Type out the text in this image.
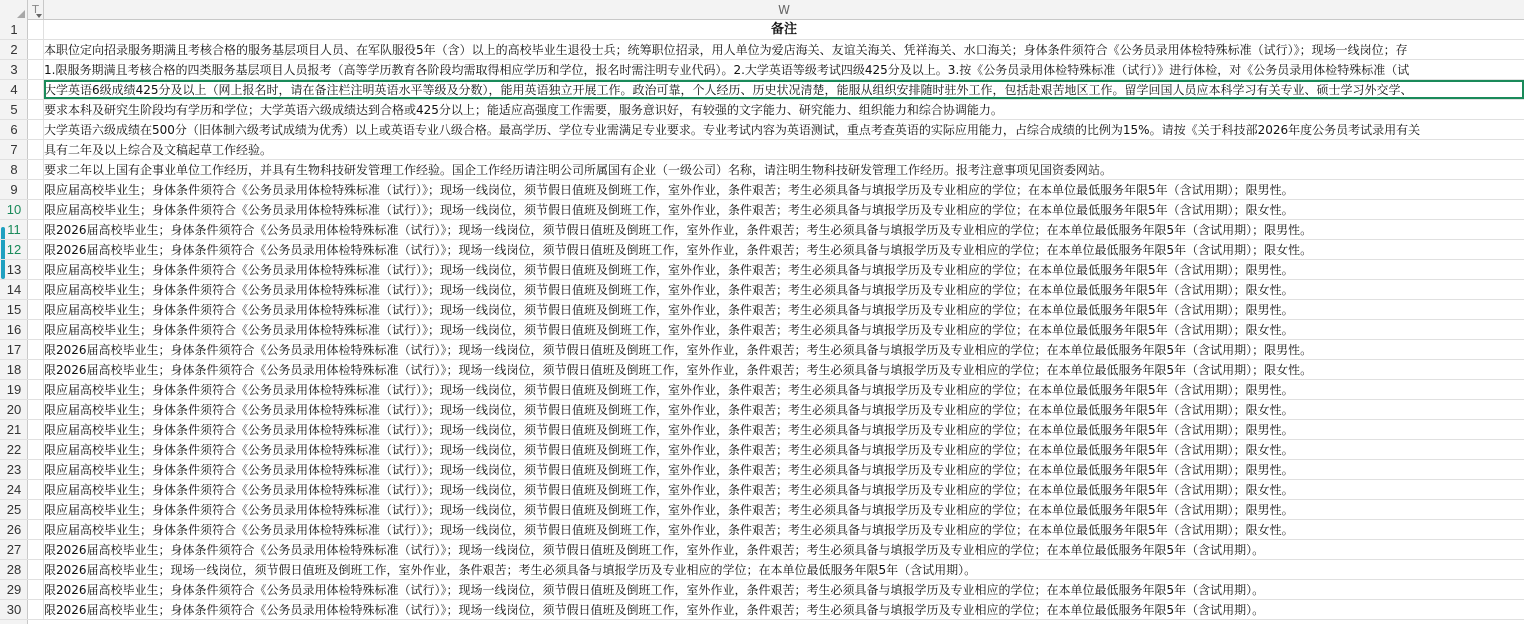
T	W
1
2
3
4
5
6
7
8
9
10
11
12
13
14
15
16
17
18
19
20
21
22
23
24
25
26
27
28
29
30
备注
本职位定向招录服务期满且考核合格的服务基层项目人员、在军队服役5年（含）以上的高校毕业生退役士兵；统筹职位招录，用人单位为爱店海关、友谊关海关、凭祥海关、水口海关；身体条件须符合《公务员录用体检特殊标准（试行）》；现场一线岗位；存
1.限服务期满且考核合格的四类服务基层项目人员报考（高等学历教育各阶段均需取得相应学历和学位，报名时需注明专业代码）。2.大学英语等级考试四级425分及以上。3.按《公务员录用体检特殊标准（试行）》进行体检，对《公务员录用体检特殊标准（试
大学英语6级成绩425分及以上（网上报名时，请在备注栏注明英语水平等级及分数），能用英语独立开展工作。政治可靠，个人经历、历史状况清楚，能服从组织安排随时驻外工作，包括赴艰苦地区工作。留学回国人员应本科学习有关专业、硕士学习外交学、
要求本科及研究生阶段均有学历和学位；大学英语六级成绩达到合格或425分以上；能适应高强度工作需要，服务意识好，有较强的文字能力、研究能力、组织能力和综合协调能力。
大学英语六级成绩在500分（旧体制六级考试成绩为优秀）以上或英语专业八级合格。最高学历、学位专业需满足专业要求。专业考试内容为英语测试，重点考查英语的实际应用能力，占综合成绩的比例为15%。请按《关于科技部2026年度公务员考试录用有关
具有二年及以上综合及文稿起草工作经验。
要求二年以上国有企事业单位工作经历，并具有生物科技研发管理工作经验。国企工作经历请注明公司所属国有企业（一级公司）名称，请注明生物科技研发管理工作经历。报考注意事项见国资委网站。
限应届高校毕业生；身体条件须符合《公务员录用体检特殊标准（试行）》；现场一线岗位，须节假日值班及倒班工作，室外作业，条件艰苦；考生必须具备与填报学历及专业相应的学位；在本单位最低服务年限5年（含试用期）；限男性。
限应届高校毕业生；身体条件须符合《公务员录用体检特殊标准（试行）》；现场一线岗位，须节假日值班及倒班工作，室外作业，条件艰苦；考生必须具备与填报学历及专业相应的学位；在本单位最低服务年限5年（含试用期）；限女性。
限2026届高校毕业生；身体条件须符合《公务员录用体检特殊标准（试行）》；现场一线岗位，须节假日值班及倒班工作，室外作业，条件艰苦；考生必须具备与填报学历及专业相应的学位；在本单位最低服务年限5年（含试用期）；限男性。
限2026届高校毕业生；身体条件须符合《公务员录用体检特殊标准（试行）》；现场一线岗位，须节假日值班及倒班工作，室外作业，条件艰苦；考生必须具备与填报学历及专业相应的学位；在本单位最低服务年限5年（含试用期）；限女性。
限应届高校毕业生；身体条件须符合《公务员录用体检特殊标准（试行）》；现场一线岗位，须节假日值班及倒班工作，室外作业，条件艰苦；考生必须具备与填报学历及专业相应的学位；在本单位最低服务年限5年（含试用期）；限男性。
限应届高校毕业生；身体条件须符合《公务员录用体检特殊标准（试行）》；现场一线岗位，须节假日值班及倒班工作，室外作业，条件艰苦；考生必须具备与填报学历及专业相应的学位；在本单位最低服务年限5年（含试用期）；限女性。
限应届高校毕业生；身体条件须符合《公务员录用体检特殊标准（试行）》；现场一线岗位，须节假日值班及倒班工作，室外作业，条件艰苦；考生必须具备与填报学历及专业相应的学位；在本单位最低服务年限5年（含试用期）；限男性。
限应届高校毕业生；身体条件须符合《公务员录用体检特殊标准（试行）》；现场一线岗位，须节假日值班及倒班工作，室外作业，条件艰苦；考生必须具备与填报学历及专业相应的学位；在本单位最低服务年限5年（含试用期）；限女性。
限2026届高校毕业生；身体条件须符合《公务员录用体检特殊标准（试行）》；现场一线岗位，须节假日值班及倒班工作，室外作业，条件艰苦；考生必须具备与填报学历及专业相应的学位；在本单位最低服务年限5年（含试用期）；限男性。
限2026届高校毕业生；身体条件须符合《公务员录用体检特殊标准（试行）》；现场一线岗位，须节假日值班及倒班工作，室外作业，条件艰苦；考生必须具备与填报学历及专业相应的学位；在本单位最低服务年限5年（含试用期）；限女性。
限应届高校毕业生；身体条件须符合《公务员录用体检特殊标准（试行）》；现场一线岗位，须节假日值班及倒班工作，室外作业，条件艰苦；考生必须具备与填报学历及专业相应的学位；在本单位最低服务年限5年（含试用期）；限男性。
限应届高校毕业生；身体条件须符合《公务员录用体检特殊标准（试行）》；现场一线岗位，须节假日值班及倒班工作，室外作业，条件艰苦；考生必须具备与填报学历及专业相应的学位；在本单位最低服务年限5年（含试用期）；限女性。
限应届高校毕业生；身体条件须符合《公务员录用体检特殊标准（试行）》；现场一线岗位，须节假日值班及倒班工作，室外作业，条件艰苦；考生必须具备与填报学历及专业相应的学位；在本单位最低服务年限5年（含试用期）；限男性。
限应届高校毕业生；身体条件须符合《公务员录用体检特殊标准（试行）》；现场一线岗位，须节假日值班及倒班工作，室外作业，条件艰苦；考生必须具备与填报学历及专业相应的学位；在本单位最低服务年限5年（含试用期）；限女性。
限应届高校毕业生；身体条件须符合《公务员录用体检特殊标准（试行）》；现场一线岗位，须节假日值班及倒班工作，室外作业，条件艰苦；考生必须具备与填报学历及专业相应的学位；在本单位最低服务年限5年（含试用期）；限男性。
限应届高校毕业生；身体条件须符合《公务员录用体检特殊标准（试行）》；现场一线岗位，须节假日值班及倒班工作，室外作业，条件艰苦；考生必须具备与填报学历及专业相应的学位；在本单位最低服务年限5年（含试用期）；限女性。
限应届高校毕业生；身体条件须符合《公务员录用体检特殊标准（试行）》；现场一线岗位，须节假日值班及倒班工作，室外作业，条件艰苦；考生必须具备与填报学历及专业相应的学位；在本单位最低服务年限5年（含试用期）；限男性。
限应届高校毕业生；身体条件须符合《公务员录用体检特殊标准（试行）》；现场一线岗位，须节假日值班及倒班工作，室外作业，条件艰苦；考生必须具备与填报学历及专业相应的学位；在本单位最低服务年限5年（含试用期）；限女性。
限2026届高校毕业生；身体条件须符合《公务员录用体检特殊标准（试行）》；现场一线岗位，须节假日值班及倒班工作，室外作业，条件艰苦；考生必须具备与填报学历及专业相应的学位；在本单位最低服务年限5年（含试用期）。
限2026届高校毕业生；现场一线岗位，须节假日值班及倒班工作，室外作业，条件艰苦；考生必须具备与填报学历及专业相应的学位；在本单位最低服务年限5年（含试用期）。
限2026届高校毕业生；身体条件须符合《公务员录用体检特殊标准（试行）》；现场一线岗位，须节假日值班及倒班工作，室外作业，条件艰苦；考生必须具备与填报学历及专业相应的学位；在本单位最低服务年限5年（含试用期）。
限2026届高校毕业生；身体条件须符合《公务员录用体检特殊标准（试行）》；现场一线岗位，须节假日值班及倒班工作，室外作业，条件艰苦；考生必须具备与填报学历及专业相应的学位；在本单位最低服务年限5年（含试用期）。
